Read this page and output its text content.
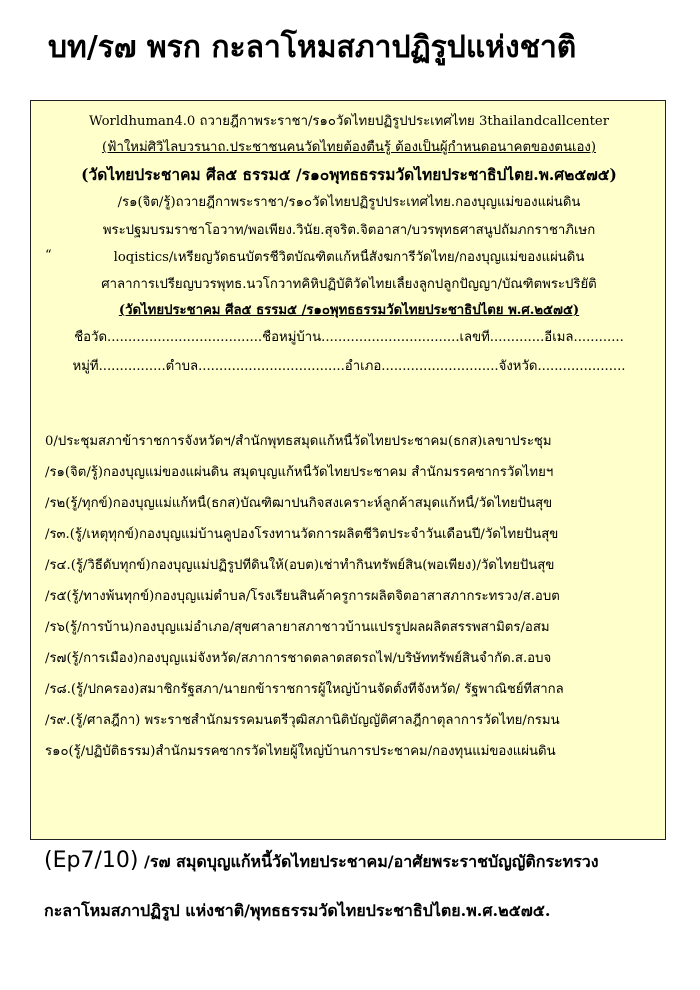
บท/ร๗ พรก กะลาโหมสภาปฏิรูปแห่งชาติ
Worldhuman4.0 ถวายฎีกาพระราชา/ร๑๐วัดไทยปฏิรูปประเทศไทย 3thailandcallcenter
(ฟ้าใหม่ศิวิไลบวรนาถ.ประชาชนคนวัดไทยต้องตื่นรู้ ต้องเป็นผู้กำหนดอนาคตของตนเอง)
(วัดไทยประชาคม ศีล๕ ธรรม๕ /ร๑๐พุทธธรรมวัดไทยประชาธิปไตย.พ.ศ๒๕๗๕)
/ร๑(จิต/รู้)ถวายฎีกาพระราชา/ร๑๐วัดไทยปฏิรูปประเทศไทย.กองบุญแม่ของแผ่นดิน
พระปฐมบรมราชาโอวาท/พอเพียง.วินัย.สุจริต.จิตอาสา/บวรพุทธศาสนูปถัมภกราชาภิเษก
“	loqistics/เหรียญวัดธนบัตรชีวิตบัณฑิตแก้หนี้สังฆการีวัดไทย/กองบุญแม่ของแผ่นดิน
ศาลาการเปรียญบวรพุทธ.นวโกวาทคิหิปฏิบัติวัดไทยเลี้ยงลูกปลูกปัญญา/บัณฑิตพระปริยัติ
(วัดไทยประชาคม ศีล๕ ธรรม๕ /ร๑๐พุทธธรรมวัดไทยประชาธิปไตย พ.ศ.๒๕๗๕)
ชื่อวัด.....................................ชื่อหมู่บ้าน.................................เลขที่.............อีเมล............
หมู่ที่................ตำบล...................................อำเภอ............................จังหวัด.....................
0/ประชุมสภาข้าราชการจังหวัดฯ/สำนักพุทธสมุดแก้หนี้วัดไทยประชาคม(ธกส)เลขาประชุม
/ร๑(จิต/รู้)กองบุญแม่ของแผ่นดิน สมุดบุญแก้หนี้วัดไทยประชาคม สำนักมรรคซากรวัดไทยฯ
/ร๒(รู้/ทุกข์)กองบุญแม่แก้หนี้(ธกส)บัณฑิฒาปนกิจสงเคราะห์ลูกค้าสมุดแก้หนี้/วัดไทยปันสุข
/ร๓.(รู้/เหตุทุกข์)กองบุญแม่บ้านคูปองโรงทานวัดการผลิตชีวิตประจำวันเดือนปี/วัดไทยปันสุข
/ร๔.(รู้/วิธีดับทุกข์)กองบุญแม่ปฏิรูปที่ดินให้(อบต)เช่าทำกินทรัพย์สิน(พอเพียง)/วัดไทยปันสุข
/ร๕(รู้/ทางพ้นทุกข์)กองบุญแม่ตำบล/โรงเรียนสินค้าครูการผลิตจิตอาสาสภากระทรวง/ส.อบต
/ร๖(รู้/การบ้าน)กองบุญแม่อำเภอ/สุขศาลายาสภาชาวบ้านแปรรูปผลผลิตสรรพสามิตร/อสม
/ร๗(รู้/การเมือง)กองบุญแม่จังหวัด/สภาการชาดตลาดสดรถไฟ/บริษัททรัพย์สินจำกัด.ส.อบจ
/ร๘.(รู้/ปกครอง)สมาชิกรัฐสภา/นายกข้าราชการผู้ใหญ่บ้านจัดตั้งที่จังหวัด/ รัฐพาณิชย์ทีสากล
/ร๙.(รู้/ศาลฎีกา) พระราชสำนักมรรคมนตรีวุฒิสภานิติบัญญัติศาลฎีกาตุลาการวัดไทย/กรมน
ร๑๐(รู้/ปฏิบัติธรรม)สำนักมรรคซากรวัดไทยผู้ใหญ่บ้านการประชาคม/กองทุนแม่ของแผ่นดิน
(Ep7/10) /ร๗ สมุดบุญแก้หนี้วัดไทยประชาคม/อาศัยพระราชบัญญัติกระทรวง
กะลาโหมสภาปฏิรูป แห่งชาติ/พุทธธรรมวัดไทยประชาธิปไตย.พ.ศ.๒๕๗๕.
